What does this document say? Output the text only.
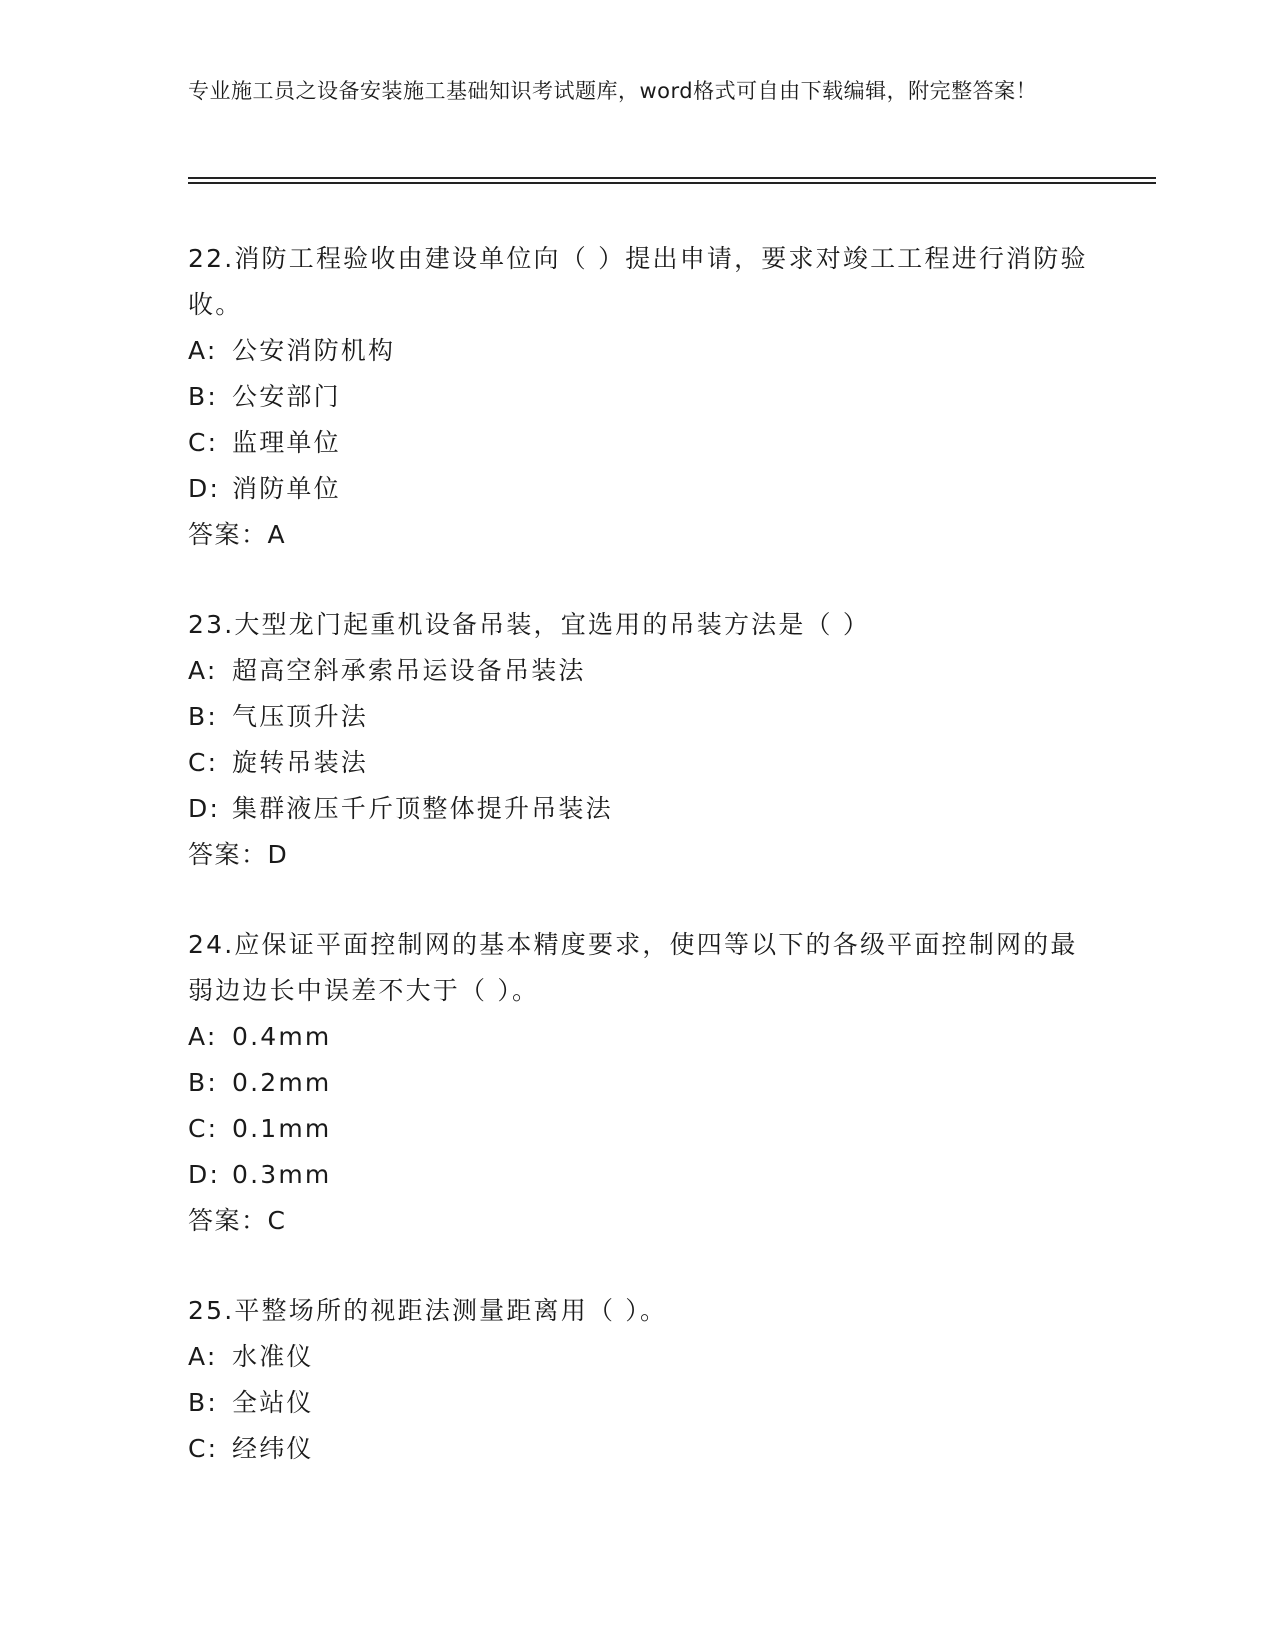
专业施工员之设备安装施工基础知识考试题库，word格式可自由下载编辑，附完整答案！
22.消防工程验收由建设单位向（ ）提出申请，要求对竣工工程进行消防验收。
A: 公安消防机构
B: 公安部门
C: 监理单位
D: 消防单位
答案：A
23.大型龙门起重机设备吊装，宜选用的吊装方法是（ ）
A: 超高空斜承索吊运设备吊装法
B: 气压顶升法
C: 旋转吊装法
D: 集群液压千斤顶整体提升吊装法
答案：D
24.应保证平面控制网的基本精度要求，使四等以下的各级平面控制网的最弱边边长中误差不大于（ ）。
A: 0.4mm
B: 0.2mm
C: 0.1mm
D: 0.3mm
答案：C
25.平整场所的视距法测量距离用（ ）。
A: 水准仪
B: 全站仪
C: 经纬仪
